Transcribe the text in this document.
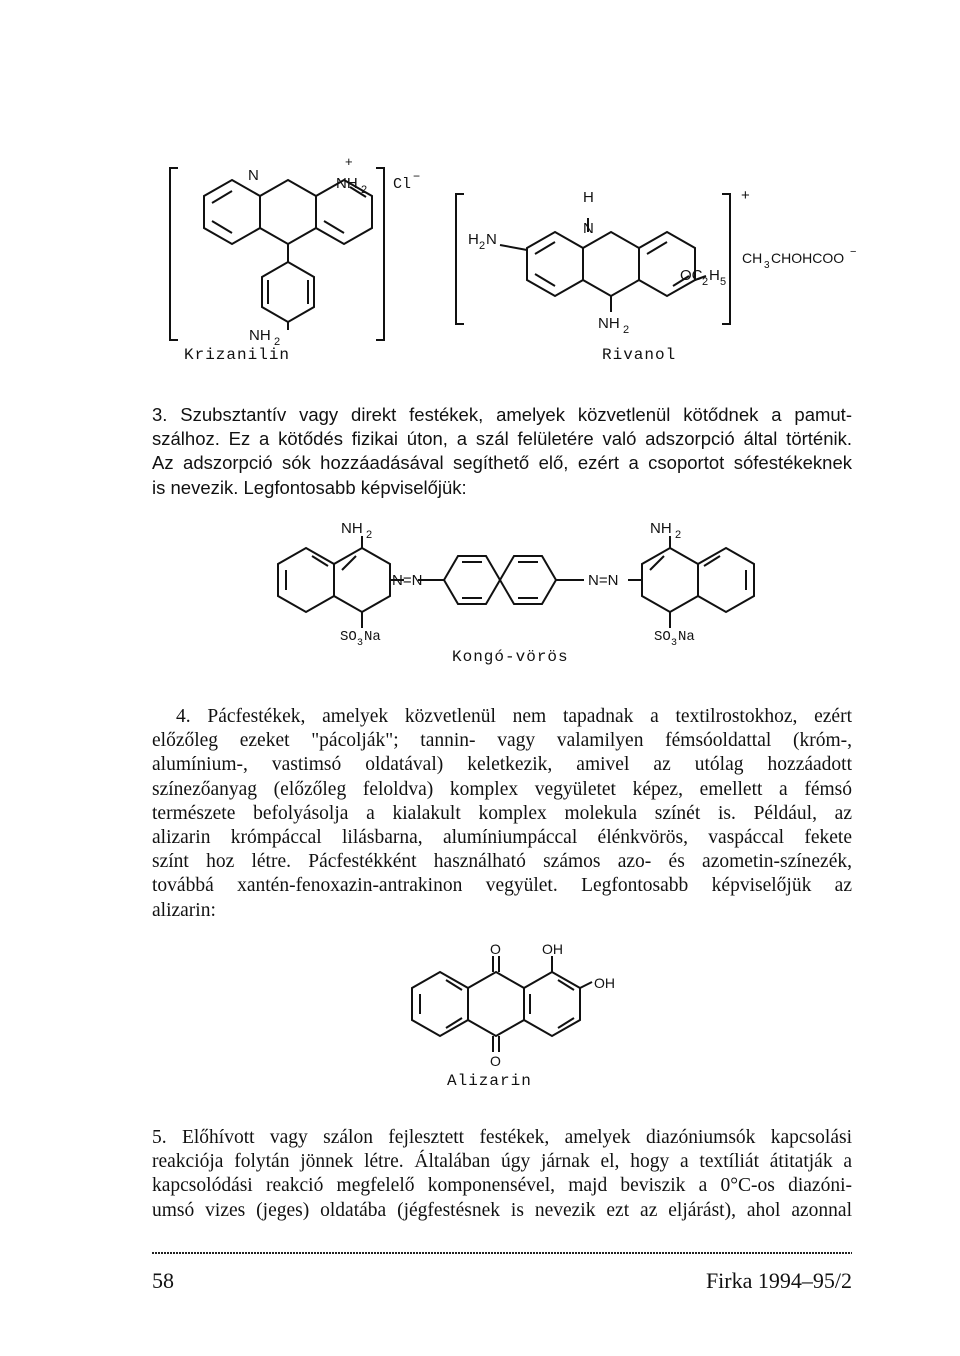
N
+
NH 2 Cl −
NH 2
H
N
H 2 N
OC 2 H 5
NH 2
+
CH 3 CHOHCOO −
NH 2	NH 2
N=N	N=N
SO 3 Na	SO 3 Na
O	OH
OH
O
Krizanilin	Rivanol
Kongó-vörös
Alizarin
3. Szubsztantív vagy direkt festékek, amelyek közvetlenül kötődnek a pamut-
szálhoz. Ez a kötődés fizikai úton, a szál felületére való adszorpció által történik.
Az adszorpció sók hozzáadásával segíthető elő, ezért a csoportot sófestékeknek
is nevezik. Legfontosabb képviselőjük:
4. Pácfestékek, amelyek közvetlenül nem tapadnak a textilrostokhoz, ezért
előzőleg ezeket "pácolják"; tannin- vagy valamilyen fémsóoldattal (króm-,
alumínium-, vastimsó oldatával) keletkezik, amivel az utólag hozzáadott
színezőanyag (előzőleg feloldva) komplex vegyületet képez, emellett a fémsó
természete befolyásolja a kialakult komplex molekula színét is. Például, az
alizarin krómpáccal lilásbarna, alumíniumpáccal élénkvörös, vaspáccal fekete
színt hoz létre. Pácfestékként használható számos azo- és azometin-színezék,
továbbá xantén-fenoxazin-antrakinon vegyület. Legfontosabb képviselőjük az
alizarin:
5. Előhívott vagy szálon fejlesztett festékek, amelyek diazóniumsók kapcsolási
reakciója folytán jönnek létre. Általában úgy járnak el, hogy a textíliát átitatják a
kapcsolódási reakció megfelelő komponensével, majd beviszik a 0°C-os diazóni-
umsó vizes (jeges) oldatába (jégfestésnek is nevezik ezt az eljárást), ahol azonnal
58	Firka 1994–95/2
